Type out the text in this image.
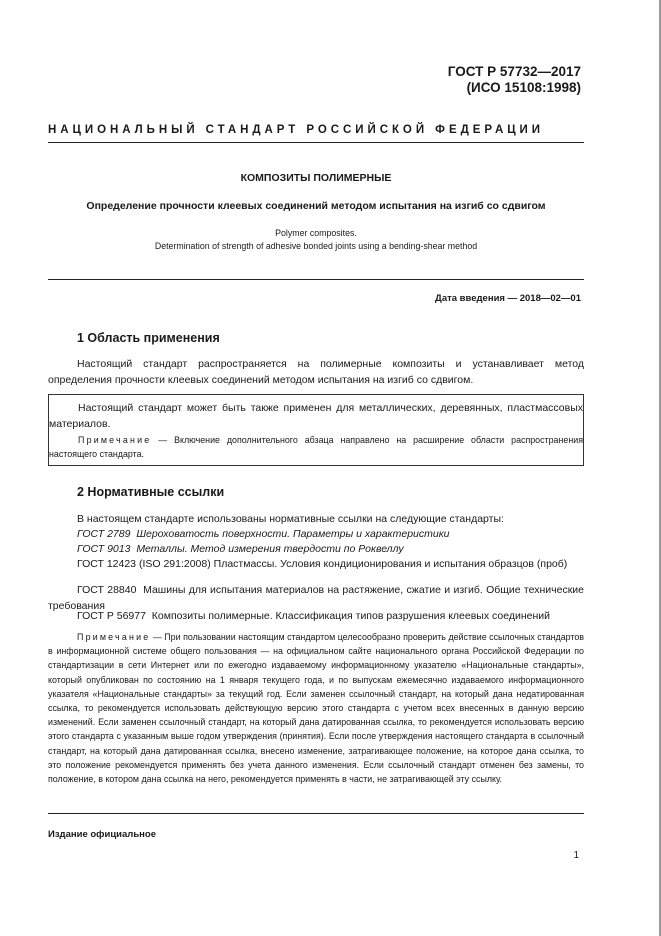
ГОСТ Р 57732—2017
(ИСО 15108:1998)
НАЦИОНАЛЬНЫЙ СТАНДАРТ РОССИЙСКОЙ ФЕДЕРАЦИИ
КОМПОЗИТЫ ПОЛИМЕРНЫЕ
Определение прочности клеевых соединений методом испытания на изгиб со сдвигом
Polymer composites.
Determination of strength of adhesive bonded joints using a bending-shear method
Дата введения — 2018—02—01
1 Область применения
Настоящий стандарт распространяется на полимерные композиты и устанавливает метод определения прочности клеевых соединений методом испытания на изгиб со сдвигом.
Настоящий стандарт может быть также применен для металлических, деревянных, пластмассовых материалов.
Примечание — Включение дополнительного абзаца направлено на расширение области распространения настоящего стандарта.
2 Нормативные ссылки
В настоящем стандарте использованы нормативные ссылки на следующие стандарты:
ГОСТ 2789 Шероховатость поверхности. Параметры и характеристики
ГОСТ 9013 Металлы. Метод измерения твердости по Роквеллу
ГОСТ 12423 (ISO 291:2008) Пластмассы. Условия кондиционирования и испытания образцов (проб)
ГОСТ 28840 Машины для испытания материалов на растяжение, сжатие и изгиб. Общие технические требования
ГОСТ Р 56977 Композиты полимерные. Классификация типов разрушения клеевых соединений
Примечание — При пользовании настоящим стандартом целесообразно проверить действие ссылочных стандартов в информационной системе общего пользования — на официальном сайте национального органа Российской Федерации по стандартизации в сети Интернет или по ежегодно издаваемому информационному указателю «Национальные стандарты», который опубликован по состоянию на 1 января текущего года, и по выпускам ежемесячно издаваемого информационного указателя «Национальные стандарты» за текущий год. Если заменен ссылочный стандарт, на который дана недатированная ссылка, то рекомендуется использовать действующую версию этого стандарта с учетом всех внесенных в данную версию изменений. Если заменен ссылочный стандарт, на который дана датированная ссылка, то рекомендуется использовать версию этого стандарта с указанным выше годом утверждения (принятия). Если после утверждения настоящего стандарта в ссылочный стандарт, на который дана датированная ссылка, внесено изменение, затрагивающее положение, на которое дана ссылка, то это положение рекомендуется применять без учета данного изменения. Если ссылочный стандарт отменен без замены, то положение, в котором дана ссылка на него, рекомендуется применять в части, не затрагивающей эту ссылку.
Издание официальное
1
